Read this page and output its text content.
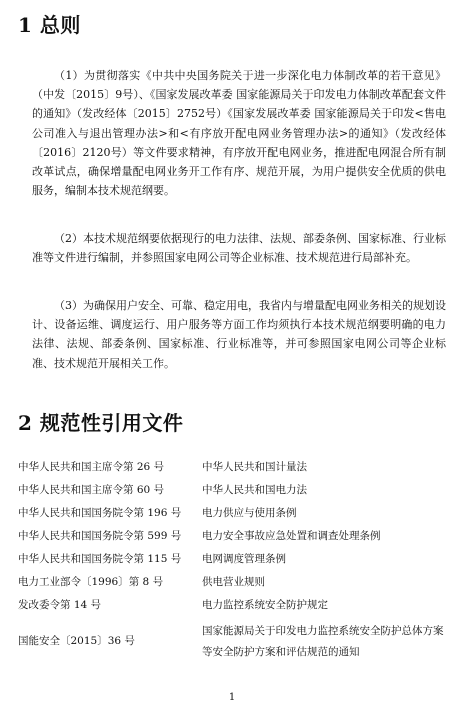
1 总则
（1）为贯彻落实《中共中央国务院关于进一步深化电力体制改革的若干意见》（中发〔2015〕9号）、《国家发展改革委 国家能源局关于印发电力体制改革配套文件的通知》（发改经体〔2015〕2752号）《国家发展改革委 国家能源局关于印发<售电公司准入与退出管理办法>和<有序放开配电网业务管理办法>的通知》（发改经体〔2016〕2120号）等文件要求精神，有序放开配电网业务，推进配电网混合所有制改革试点，确保增量配电网业务开工作有序、规范开展，为用户提供安全优质的供电服务，编制本技术规范纲要。
（2）本技术规范纲要依据现行的电力法律、法规、部委条例、国家标准、行业标准等文件进行编制，并参照国家电网公司等企业标准、技术规范进行局部补充。
（3）为确保用户安全、可靠、稳定用电，我省内与增量配电网业务相关的规划设计、设备运维、调度运行、用户服务等方面工作均须执行本技术规范纲要明确的电力法律、法规、部委条例、国家标准、行业标准等，并可参照国家电网公司等企业标准、技术规范开展相关工作。
2 规范性引用文件
中华人民共和国主席令第 26 号	中华人民共和国计量法
中华人民共和国主席令第 60 号	中华人民共和国电力法
中华人民共和国国务院令第 196 号	电力供应与使用条例
中华人民共和国国务院令第 599 号	电力安全事故应急处置和调查处理条例
中华人民共和国国务院令第 115 号	电网调度管理条例
电力工业部令〔1996〕第 8 号	供电营业规则
发改委令第 14 号	电力监控系统安全防护规定
国能安全〔2015〕36 号	国家能源局关于印发电力监控系统安全防护总体方案等安全防护方案和评估规范的通知
1
